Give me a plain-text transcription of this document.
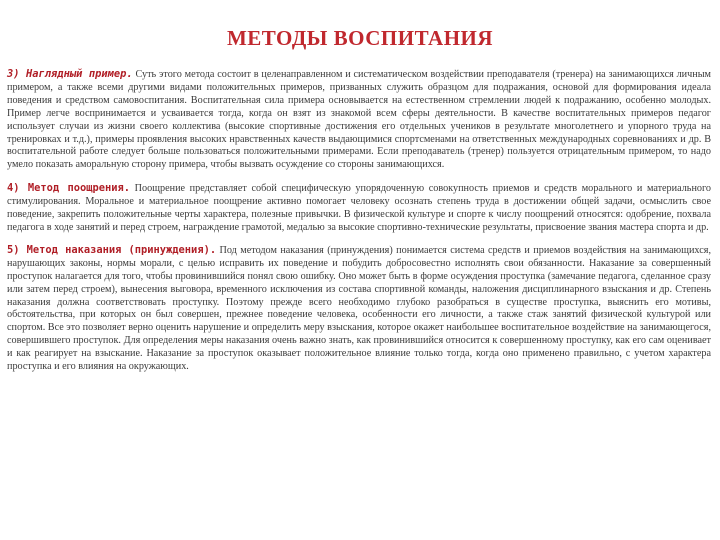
МЕТОДЫ ВОСПИТАНИЯ

3) Наглядный пример. Суть этого метода состоит в целенаправленном и систематическом воздействии преподавателя (тренера) на занимающихся личным примером, а также всеми другими видами положительных примеров, призванных служить образцом для подражания, основой для формирования идеала поведения и средством самовоспитания. Воспитательная сила примера основывается на естественном стремлении людей к подражанию, особенно молодых. Пример легче воспринимается и усваивается тогда, когда он взят из знакомой всем сферы деятельности. В качестве воспитательных примеров педагог использует случаи из жизни своего коллектива (высокие спортивные достижения его отдельных учеников в результате многолетнего и упорного труда на тренировках и т.д.), примеры проявления высоких нравственных качеств выдающимися спортсменами на ответственных международных соревнованиях и др. В воспитательной работе следует больше пользоваться положительными примерами. Если преподаватель (тренер) пользуется отрицательным примером, то надо умело показать аморальную сторону примера, чтобы вызвать осуждение со стороны занимающихся.

4) Метод поощрения. Поощрение представляет собой специфическую упорядоченную совокупность приемов и средств морального и материального стимулирования. Моральное и материальное поощрение активно помогает человеку осознать степень труда в достижении общей задачи, осмыслить свое поведение, закрепить положительные черты характера, полезные привычки. В физической культуре и спорте к числу поощрений относятся: одобрение, похвала педагога в ходе занятий и перед строем, награждение грамотой, медалью за высокие спортивно-технические результаты, присвоение звания мастера спорта и др.

5) Метод наказания (принуждения). Под методом наказания (принуждения) понимается система средств и приемов воздействия на занимающихся, нарушающих законы, нормы морали, с целью исправить их поведение и побудить добросовестно исполнять свои обязанности. Наказание за совершенный проступок налагается для того, чтобы провинившийся понял свою ошибку. Оно может быть в форме осуждения проступка (замечание педагога, сделанное сразу или затем перед строем), вынесения выговора, временного исключения из состава спортивной команды, наложения дисциплинарного взыскания и др. Степень наказания должна соответствовать проступку. Поэтому прежде всего необходимо глубоко разобраться в существе проступка, выяснить его мотивы, обстоятельства, при которых он был совершен, прежнее поведение человека, особенности его личности, а также стаж занятий физической культурой или спортом. Все это позволяет верно оценить нарушение и определить меру взыскания, которое окажет наибольшее воспитательное воздействие на занимающегося, совершившего проступок. Для определения меры наказания очень важно знать, как провинившийся относится к совершенному проступку, как его сам оценивает и как реагирует на взыскание. Наказание за проступок оказывает положительное влияние только тогда, когда оно применено правильно, с учетом характера проступка и его влияния на окружающих.
